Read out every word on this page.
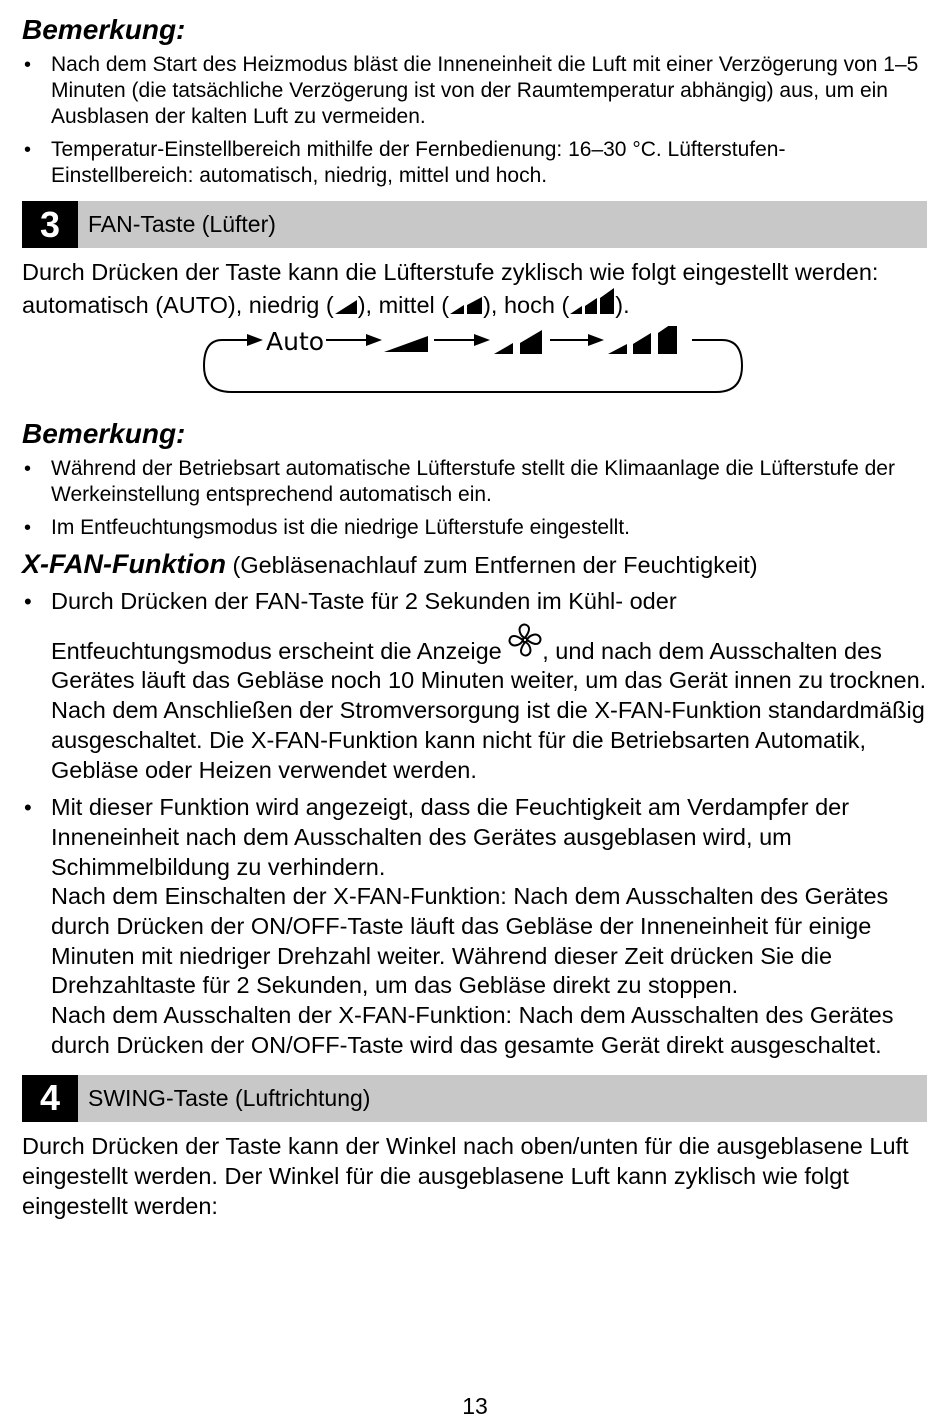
Bemerkung:
• Nach dem Start des Heizmodus bläst die Inneneinheit die Luft mit einer Verzögerung von 1–5 Minuten (die tatsächliche Verzögerung ist von der Raumtemperatur abhängig) aus, um ein Ausblasen der kalten Luft zu vermeiden.
• Temperatur-Einstellbereich mithilfe der Fernbedienung: 16–30 °C. Lüfterstufen-Einstellbereich: automatisch, niedrig, mittel und hoch.
3	FAN-Taste (Lüfter)

Durch Drücken der Taste kann die Lüfterstufe zyklisch wie folgt eingestellt werden: automatisch (AUTO), niedrig ( ), mittel ( ), hoch ( ).

Auto
Bemerkung:
• Während der Betriebsart automatische Lüfterstufe stellt die Klimaanlage die Lüfterstufe der Werkeinstellung entsprechend automatisch ein.
• Im Entfeuchtungsmodus ist die niedrige Lüfterstufe eingestellt.

X-FAN-Funktion (Gebläsenachlauf zum Entfernen der Feuchtigkeit)

• Durch Drücken der FAN-Taste für 2 Sekunden im Kühl- oder
Entfeuchtungsmodus erscheint die Anzeige , und nach dem Ausschalten des Gerätes läuft das Gebläse noch 10 Minuten weiter, um das Gerät innen zu trocknen.
Nach dem Anschließen der Stromversorgung ist die X-FAN-Funktion standardmäßig ausgeschaltet. Die X-FAN-Funktion kann nicht für die Betriebsarten Automatik, Gebläse oder Heizen verwendet werden.
• Mit dieser Funktion wird angezeigt, dass die Feuchtigkeit am Verdampfer der Inneneinheit nach dem Ausschalten des Gerätes ausgeblasen wird, um Schimmelbildung zu verhindern.
Nach dem Einschalten der X-FAN-Funktion: Nach dem Ausschalten des Gerätes durch Drücken der ON/OFF-Taste läuft das Gebläse der Inneneinheit für einige Minuten mit niedriger Drehzahl weiter. Während dieser Zeit drücken Sie die Drehzahltaste für 2 Sekunden, um das Gebläse direkt zu stoppen.
Nach dem Ausschalten der X-FAN-Funktion: Nach dem Ausschalten des Gerätes durch Drücken der ON/OFF-Taste wird das gesamte Gerät direkt ausgeschaltet.
4	SWING-Taste (Luftrichtung)

Durch Drücken der Taste kann der Winkel nach oben/unten für die ausgeblasene Luft eingestellt werden. Der Winkel für die ausgeblasene Luft kann zyklisch wie folgt eingestellt werden:

13
